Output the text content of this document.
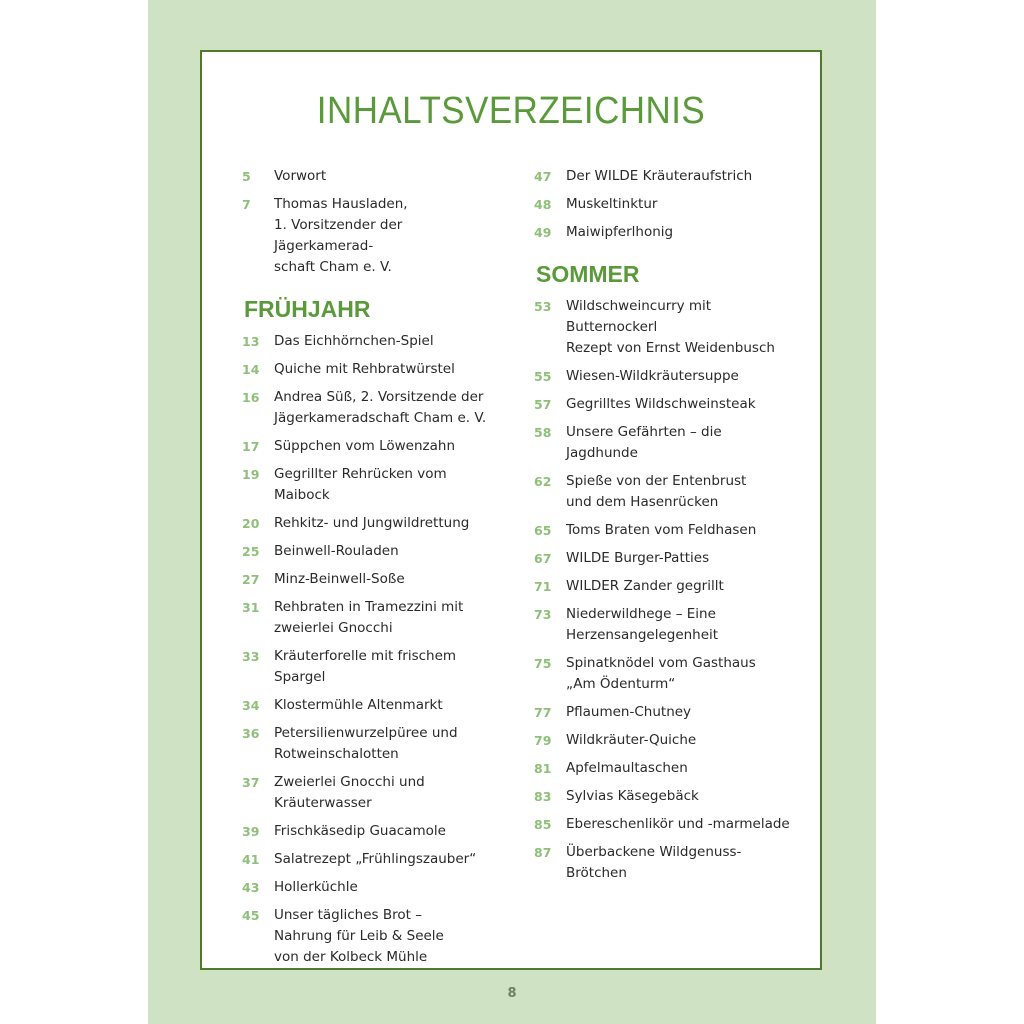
INHALTSVERZEICHNIS
5	Vorwort
7	Thomas Hausladen,
1. Vorsitzender der Jägerkamerad-
schaft Cham e. V.
FRÜHJAHR
13	Das Eichhörnchen-Spiel
14	Quiche mit Rehbratwürstel
16	Andrea Süß, 2. Vorsitzende der
Jägerkameradschaft Cham e. V.
17	Süppchen vom Löwenzahn
19	Gegrillter Rehrücken vom Maibock
20	Rehkitz- und Jungwildrettung
25	Beinwell-Rouladen
27	Minz-Beinwell-Soße
31	Rehbraten in Tramezzini mit
zweierlei Gnocchi
33	Kräuterforelle mit frischem Spargel
34	Klostermühle Altenmarkt
36	Petersilienwurzelpüree und
Rotweinschalotten
37	Zweierlei Gnocchi und
Kräuterwasser
39	Frischkäsedip Guacamole
41	Salatrezept „Frühlingszauber“
43	Hollerküchle
45	Unser tägliches Brot –
Nahrung für Leib & Seele
von der Kolbeck Mühle
47	Der WILDE Kräuteraufstrich
48	Muskeltinktur
49	Maiwipferlhonig
SOMMER
53	Wildschweincurry mit Butternockerl
Rezept von Ernst Weidenbusch
55	Wiesen-Wildkräutersuppe
57	Gegrilltes Wildschweinsteak
58	Unsere Gefährten – die
Jagdhunde
62	Spieße von der Entenbrust
und dem Hasenrücken
65	Toms Braten vom Feldhasen
67	WILDE Burger-Patties
71	WILDER Zander gegrillt
73	Niederwildhege – Eine
Herzensangelegenheit
75	Spinatknödel vom Gasthaus
„Am Ödenturm“
77	Pflaumen-Chutney
79	Wildkräuter-Quiche
81	Apfelmaultaschen
83	Sylvias Käsegebäck
85	Ebereschenlikör und -marmelade
87	Überbackene Wildgenuss-
Brötchen
8
